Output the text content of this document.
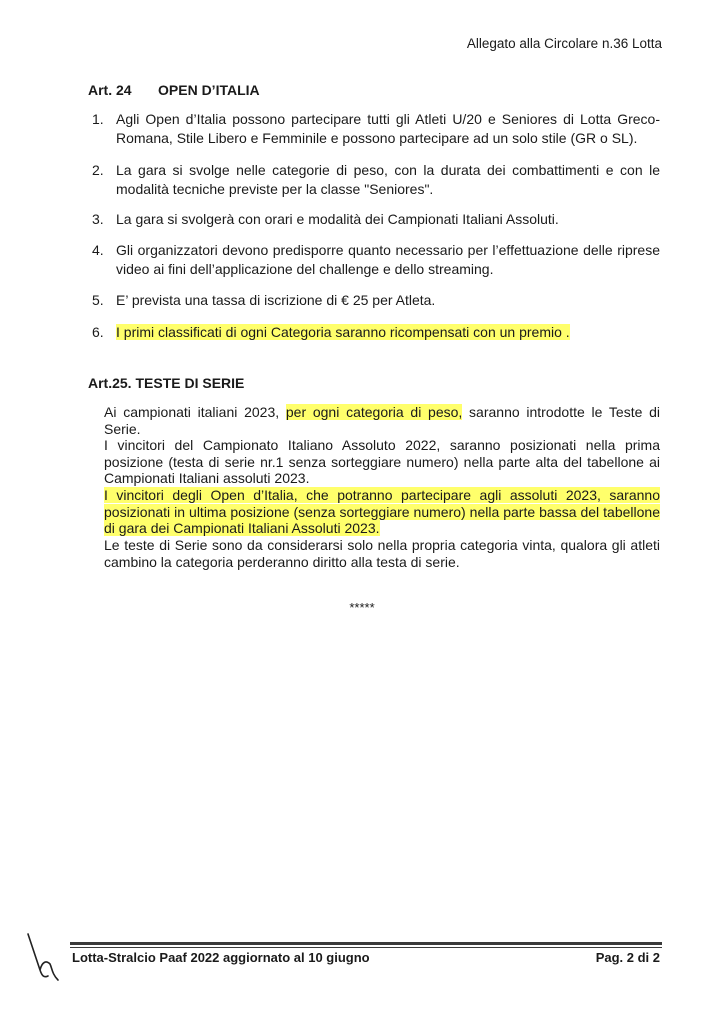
Allegato alla Circolare n.36 Lotta
Art. 24 OPEN D’ITALIA
1. Agli Open d’Italia possono partecipare tutti gli Atleti U/20 e Seniores di Lotta Greco-Romana, Stile Libero e Femminile e possono partecipare ad un solo stile (GR o SL).
2. La gara si svolge nelle categorie di peso, con la durata dei combattimenti e con le modalità tecniche previste per la classe "Seniores".
3. La gara si svolgerà con orari e modalità dei Campionati Italiani Assoluti.
4. Gli organizzatori devono predisporre quanto necessario per l’effettuazione delle riprese video ai fini dell’applicazione del challenge e dello streaming.
5. E’ prevista una tassa di iscrizione di € 25 per Atleta.
6. I primi classificati di ogni Categoria saranno ricompensati con un premio .
Art.25. TESTE DI SERIE
Ai campionati italiani 2023, per ogni categoria di peso, saranno introdotte le Teste di Serie.
I vincitori del Campionato Italiano Assoluto 2022, saranno posizionati nella prima posizione (testa di serie nr.1 senza sorteggiare numero) nella parte alta del tabellone ai Campionati Italiani assoluti 2023.
I vincitori degli Open d’Italia, che potranno partecipare agli assoluti 2023, saranno posizionati in ultima posizione (senza sorteggiare numero) nella parte bassa del tabellone di gara dei Campionati Italiani Assoluti 2023.
Le teste di Serie sono da considerarsi solo nella propria categoria vinta, qualora gli atleti cambino la categoria perderanno diritto alla testa di serie.
*****
Lotta-Stralcio Paaf 2022 aggiornato al 10 giugno	Pag. 2 di 2
